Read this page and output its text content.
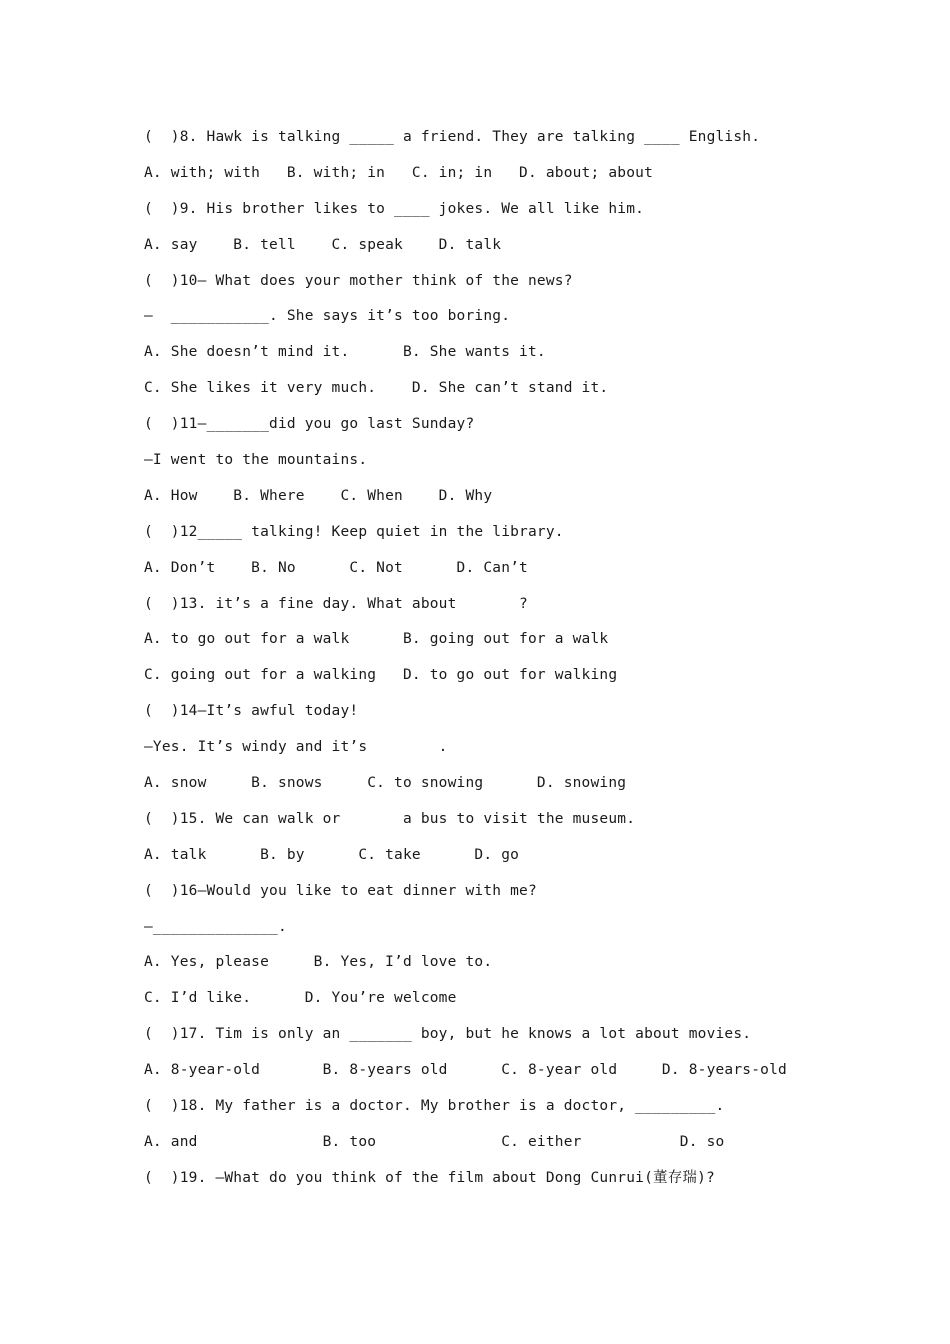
(  )8. Hawk is talking _____ a friend. They are talking ____ English.
A. with; with   B. with; in   C. in; in   D. about; about
(  )9. His brother likes to ____ jokes. We all like him.
A. say    B. tell    C. speak    D. talk
(  )10— What does your mother think of the news?
—  ___________. She says it’s too boring.
A. She doesn’t mind it.      B. She wants it.
C. She likes it very much.    D. She can’t stand it.
(  )11—_______did you go last Sunday?
—I went to the mountains.
A. How    B. Where    C. When    D. Why
(  )12_____ talking! Keep quiet in the library.
A. Don’t    B. No      C. Not      D. Can’t
(  )13. it’s a fine day. What about       ?
A. to go out for a walk      B. going out for a walk
C. going out for a walking   D. to go out for walking
(  )14—It’s awful today!
—Yes. It’s windy and it’s        .
A. snow     B. snows     C. to snowing      D. snowing
(  )15. We can walk or       a bus to visit the museum.
A. talk      B. by      C. take      D. go
(  )16—Would you like to eat dinner with me?
—______________.
A. Yes, please     B. Yes, I’d love to.
C. I’d like.      D. You’re welcome
(  )17. Tim is only an _______ boy, but he knows a lot about movies.
A. 8-year-old       B. 8-years old      C. 8-year old     D. 8-years-old
(  )18. My father is a doctor. My brother is a doctor, _________.
A. and              B. too              C. either           D. so
(  )19. —What do you think of the film about Dong Cunrui(董存瑞)?
